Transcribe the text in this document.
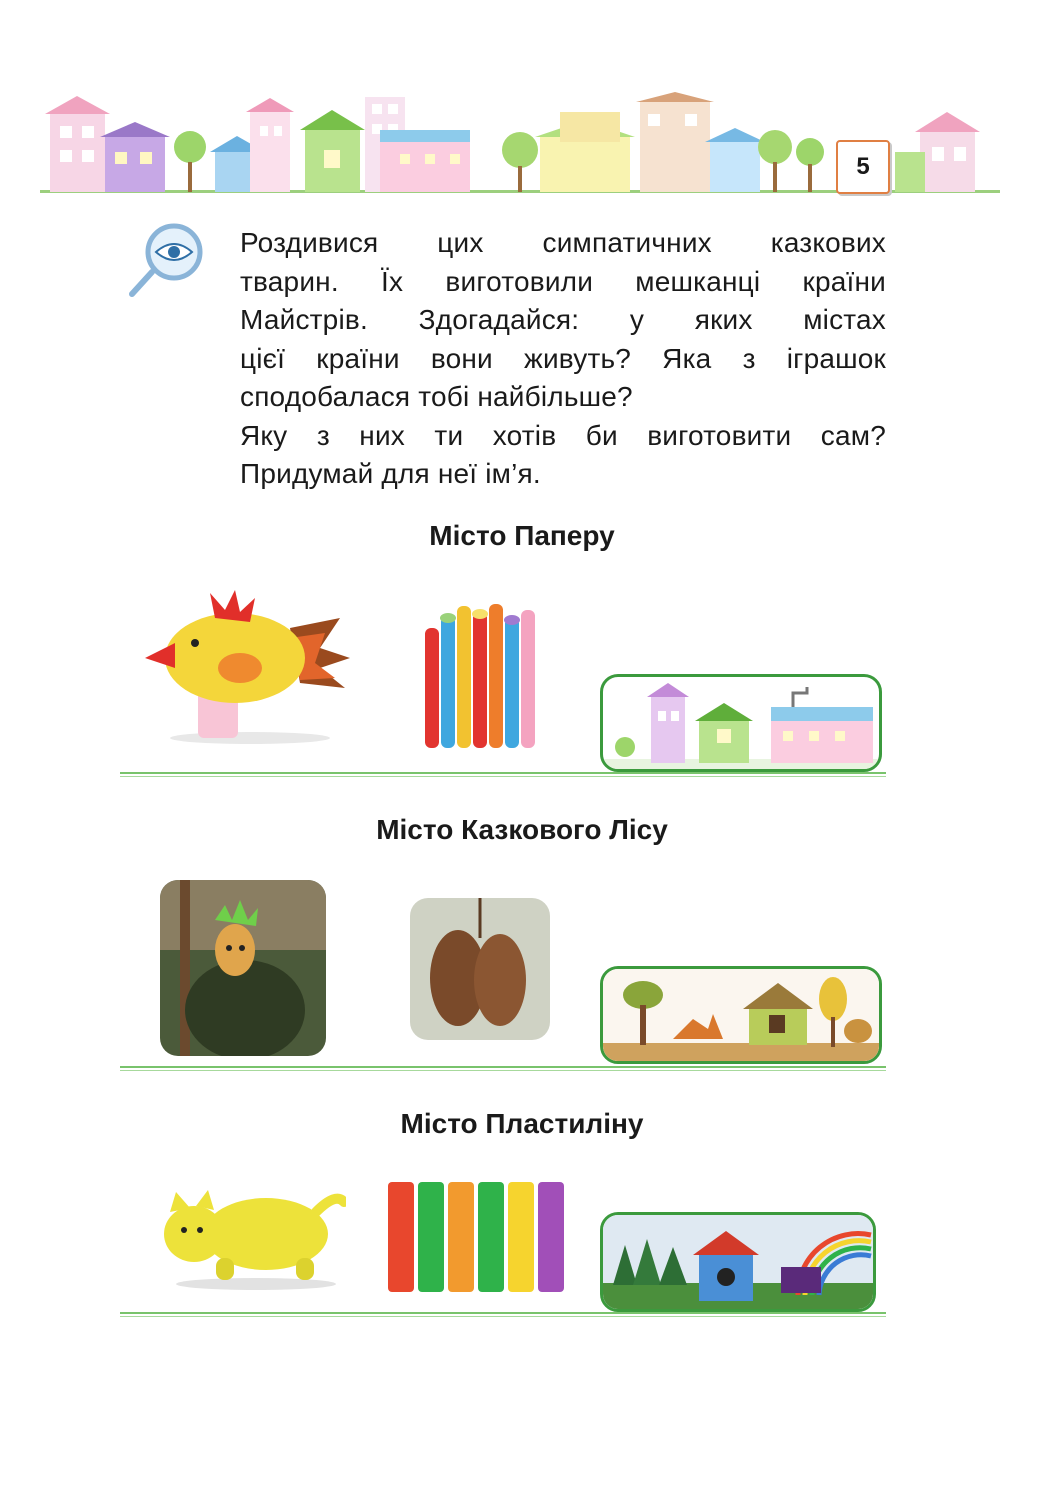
5

Роздивися цих симпатичних казкових

тварин. Їх виготовили мешканці країни

Майстрів. Здогадайся: у яких містах

цієї країни вони живуть? Яка з іграшок

сподобалася тобі найбільше?

Яку з них ти хотів би виготовити сам?

Придумай для неї ім’я.

Місто Паперу
Місто Казкового Лісу
Місто Пластиліну
